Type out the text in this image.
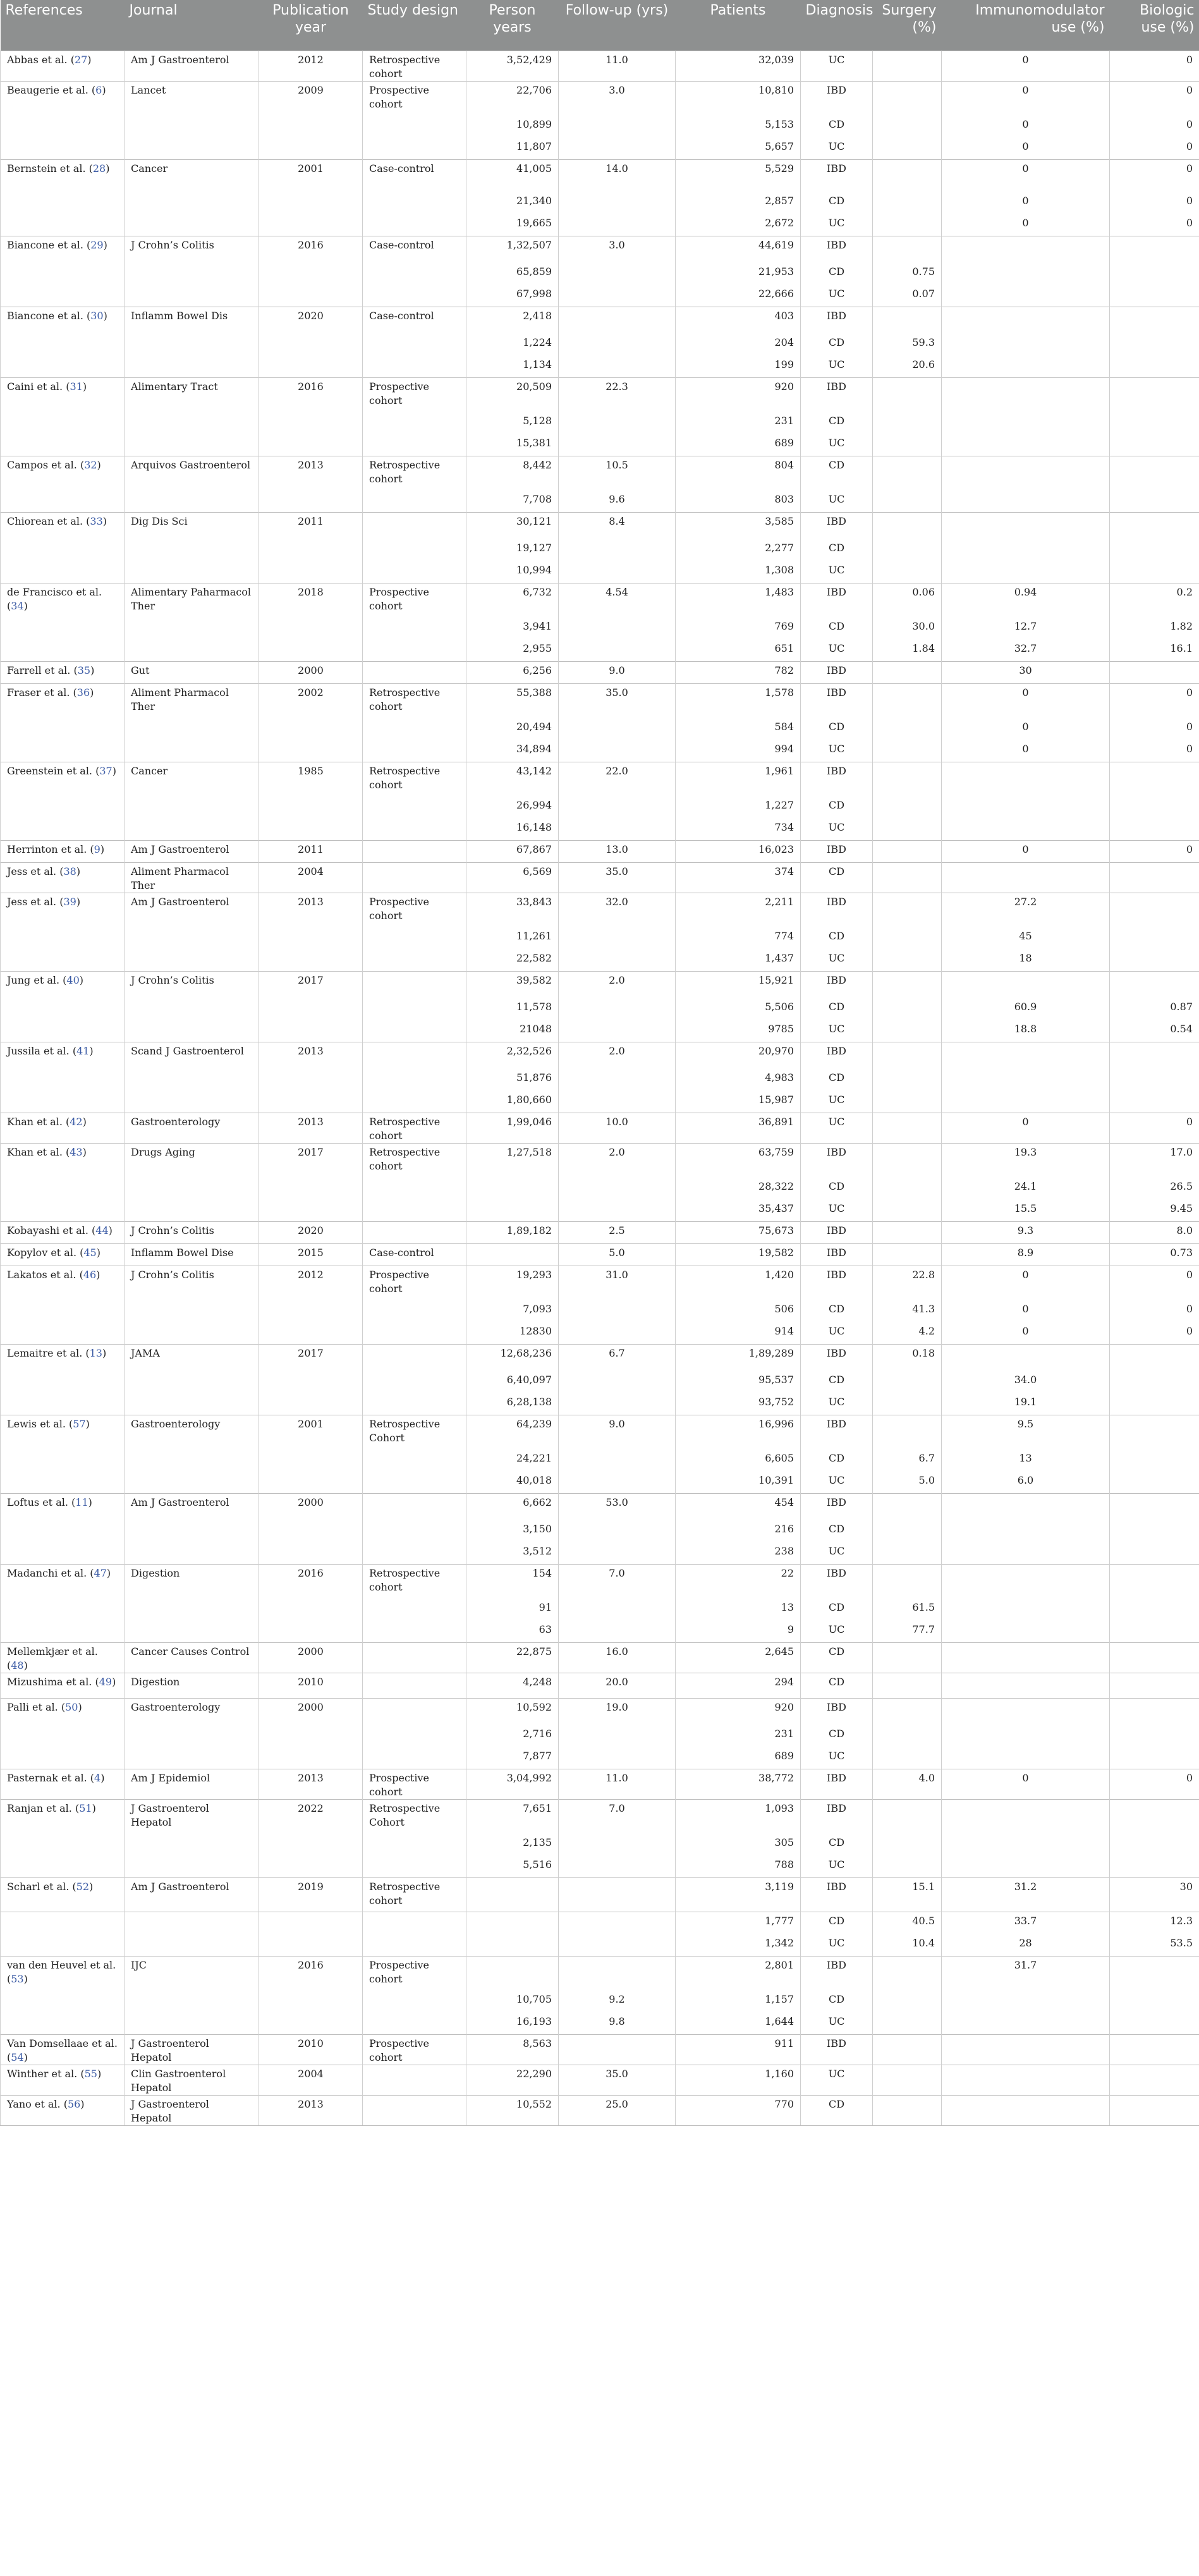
References	Journal	Publication year	Study design	Person years	Follow-up (yrs)	Patients	Diagnosis	Surgery (%)	Immunomodulator use (%)	Biologic use (%)
Abbas et al. (27)	Am J Gastroenterol	2012	Retrospective cohort	3,52,429	11.0	32,039	UC		0	0
Beaugerie et al. (6)	Lancet	2009	Prospective cohort	22,706	3.0	10,810	IBD		0	0
				10,899		5,153	CD		0	0
				11,807		5,657	UC		0	0
Bernstein et al. (28)	Cancer	2001	Case-control	41,005	14.0	5,529	IBD		0	0
				21,340		2,857	CD		0	0
				19,665		2,672	UC		0	0
Biancone et al. (29)	J Crohn’s Colitis	2016	Case-control	1,32,507	3.0	44,619	IBD			
				65,859		21,953	CD	0.75		
				67,998		22,666	UC	0.07		
Biancone et al. (30)	Inflamm Bowel Dis	2020	Case-control	2,418		403	IBD			
				1,224		204	CD	59.3		
				1,134		199	UC	20.6		
Caini et al. (31)	Alimentary Tract	2016	Prospective cohort	20,509	22.3	920	IBD			
				5,128		231	CD			
				15,381		689	UC			
Campos et al. (32)	Arquivos Gastroenterol	2013	Retrospective cohort	8,442	10.5	804	CD			
				7,708	9.6	803	UC			
Chiorean et al. (33)	Dig Dis Sci	2011		30,121	8.4	3,585	IBD			
				19,127		2,277	CD			
				10,994		1,308	UC			
de Francisco et al. (34)	Alimentary Paharmacol Ther	2018	Prospective cohort	6,732	4.54	1,483	IBD	0.06	0.94	0.2
				3,941		769	CD	30.0	12.7	1.82
				2,955		651	UC	1.84	32.7	16.1
Farrell et al. (35)	Gut	2000		6,256	9.0	782	IBD		30	
Fraser et al. (36)	Aliment Pharmacol Ther	2002	Retrospective cohort	55,388	35.0	1,578	IBD		0	0
				20,494		584	CD		0	0
				34,894		994	UC		0	0
Greenstein et al. (37)	Cancer	1985	Retrospective cohort	43,142	22.0	1,961	IBD			
				26,994		1,227	CD			
				16,148		734	UC			
Herrinton et al. (9)	Am J Gastroenterol	2011		67,867	13.0	16,023	IBD		0	0
Jess et al. (38)	Aliment Pharmacol Ther	2004		6,569	35.0	374	CD			
Jess et al. (39)	Am J Gastroenterol	2013	Prospective cohort	33,843	32.0	2,211	IBD		27.2	
				11,261		774	CD		45	
				22,582		1,437	UC		18	
Jung et al. (40)	J Crohn’s Colitis	2017		39,582	2.0	15,921	IBD			
				11,578		5,506	CD		60.9	0.87
				21048		9785	UC		18.8	0.54
Jussila et al. (41)	Scand J Gastroenterol	2013		2,32,526	2.0	20,970	IBD			
				51,876		4,983	CD			
				1,80,660		15,987	UC			
Khan et al. (42)	Gastroenterology	2013	Retrospective cohort	1,99,046	10.0	36,891	UC		0	0
Khan et al. (43)	Drugs Aging	2017	Retrospective cohort	1,27,518	2.0	63,759	IBD		19.3	17.0
						28,322	CD		24.1	26.5
						35,437	UC		15.5	9.45
Kobayashi et al. (44)	J Crohn’s Colitis	2020		1,89,182	2.5	75,673	IBD		9.3	8.0
Kopylov et al. (45)	Inflamm Bowel Dise	2015	Case-control		5.0	19,582	IBD		8.9	0.73
Lakatos et al. (46)	J Crohn’s Colitis	2012	Prospective cohort	19,293	31.0	1,420	IBD	22.8	0	0
				7,093		506	CD	41.3	0	0
				12830		914	UC	4.2	0	0
Lemaitre et al. (13)	JAMA	2017		12,68,236	6.7	1,89,289	IBD	0.18		
				6,40,097		95,537	CD		34.0	
				6,28,138		93,752	UC		19.1	
Lewis et al. (57)	Gastroenterology	2001	Retrospective Cohort	64,239	9.0	16,996	IBD		9.5	
				24,221		6,605	CD	6.7	13	
				40,018		10,391	UC	5.0	6.0	
Loftus et al. (11)	Am J Gastroenterol	2000		6,662	53.0	454	IBD			
				3,150		216	CD			
				3,512		238	UC			
Madanchi et al. (47)	Digestion	2016	Retrospective cohort	154	7.0	22	IBD			
				91		13	CD	61.5		
				63		9	UC	77.7		
Mellemkjær et al. (48)	Cancer Causes Control	2000		22,875	16.0	2,645	CD			
Mizushima et al. (49)	Digestion	2010		4,248	20.0	294	CD			
Palli et al. (50)	Gastroenterology	2000		10,592	19.0	920	IBD			
				2,716		231	CD			
				7,877		689	UC			
Pasternak et al. (4)	Am J Epidemiol	2013	Prospective cohort	3,04,992	11.0	38,772	IBD	4.0	0	0
Ranjan et al. (51)	J Gastroenterol Hepatol	2022	Retrospective Cohort	7,651	7.0	1,093	IBD			
				2,135		305	CD			
				5,516		788	UC			
Scharl et al. (52)	Am J Gastroenterol	2019	Retrospective cohort			3,119	IBD	15.1	31.2	30
						1,777	CD	40.5	33.7	12.3
						1,342	UC	10.4	28	53.5
van den Heuvel et al. (53)	IJC	2016	Prospective cohort			2,801	IBD		31.7	
				10,705	9.2	1,157	CD			
				16,193	9.8	1,644	UC			
Van Domsellaae et al. (54)	J Gastroenterol Hepatol	2010	Prospective cohort	8,563		911	IBD			
Winther et al. (55)	Clin Gastroenterol Hepatol	2004		22,290	35.0	1,160	UC			
Yano et al. (56)	J Gastroenterol Hepatol	2013		10,552	25.0	770	CD			
